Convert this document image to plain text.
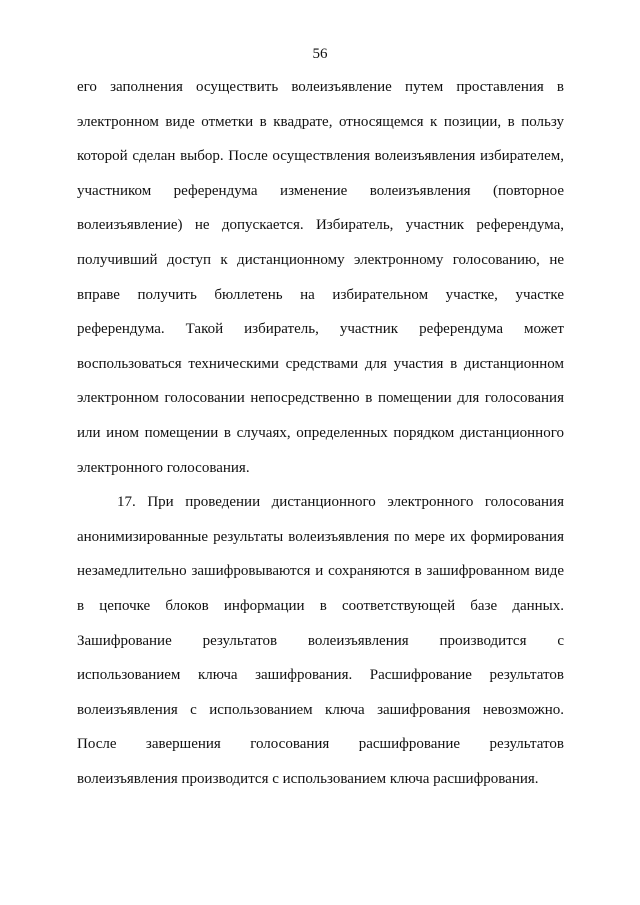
56
его заполнения осуществить волеизъявление путем проставления в
электронном виде отметки в квадрате, относящемся к позиции, в пользу
которой сделан выбор. После осуществления волеизъявления избирателем,
участником референдума изменение волеизъявления (повторное
волеизъявление) не допускается. Избиратель, участник референдума,
получивший доступ к дистанционному электронному голосованию, не
вправе получить бюллетень на избирательном участке, участке
референдума. Такой избиратель, участник референдума может
воспользоваться техническими средствами для участия в дистанционном
электронном голосовании непосредственно в помещении для голосования
или ином помещении в случаях, определенных порядком дистанционного
электронного голосования.
17. При проведении дистанционного электронного голосования
анонимизированные результаты волеизъявления по мере их формирования
незамедлительно зашифровываются и сохраняются в зашифрованном виде
в цепочке блоков информации в соответствующей базе данных.
Зашифрование результатов волеизъявления производится с
использованием ключа зашифрования. Расшифрование результатов
волеизъявления с использованием ключа зашифрования невозможно.
После завершения голосования расшифрование результатов
волеизъявления производится с использованием ключа расшифрования.
